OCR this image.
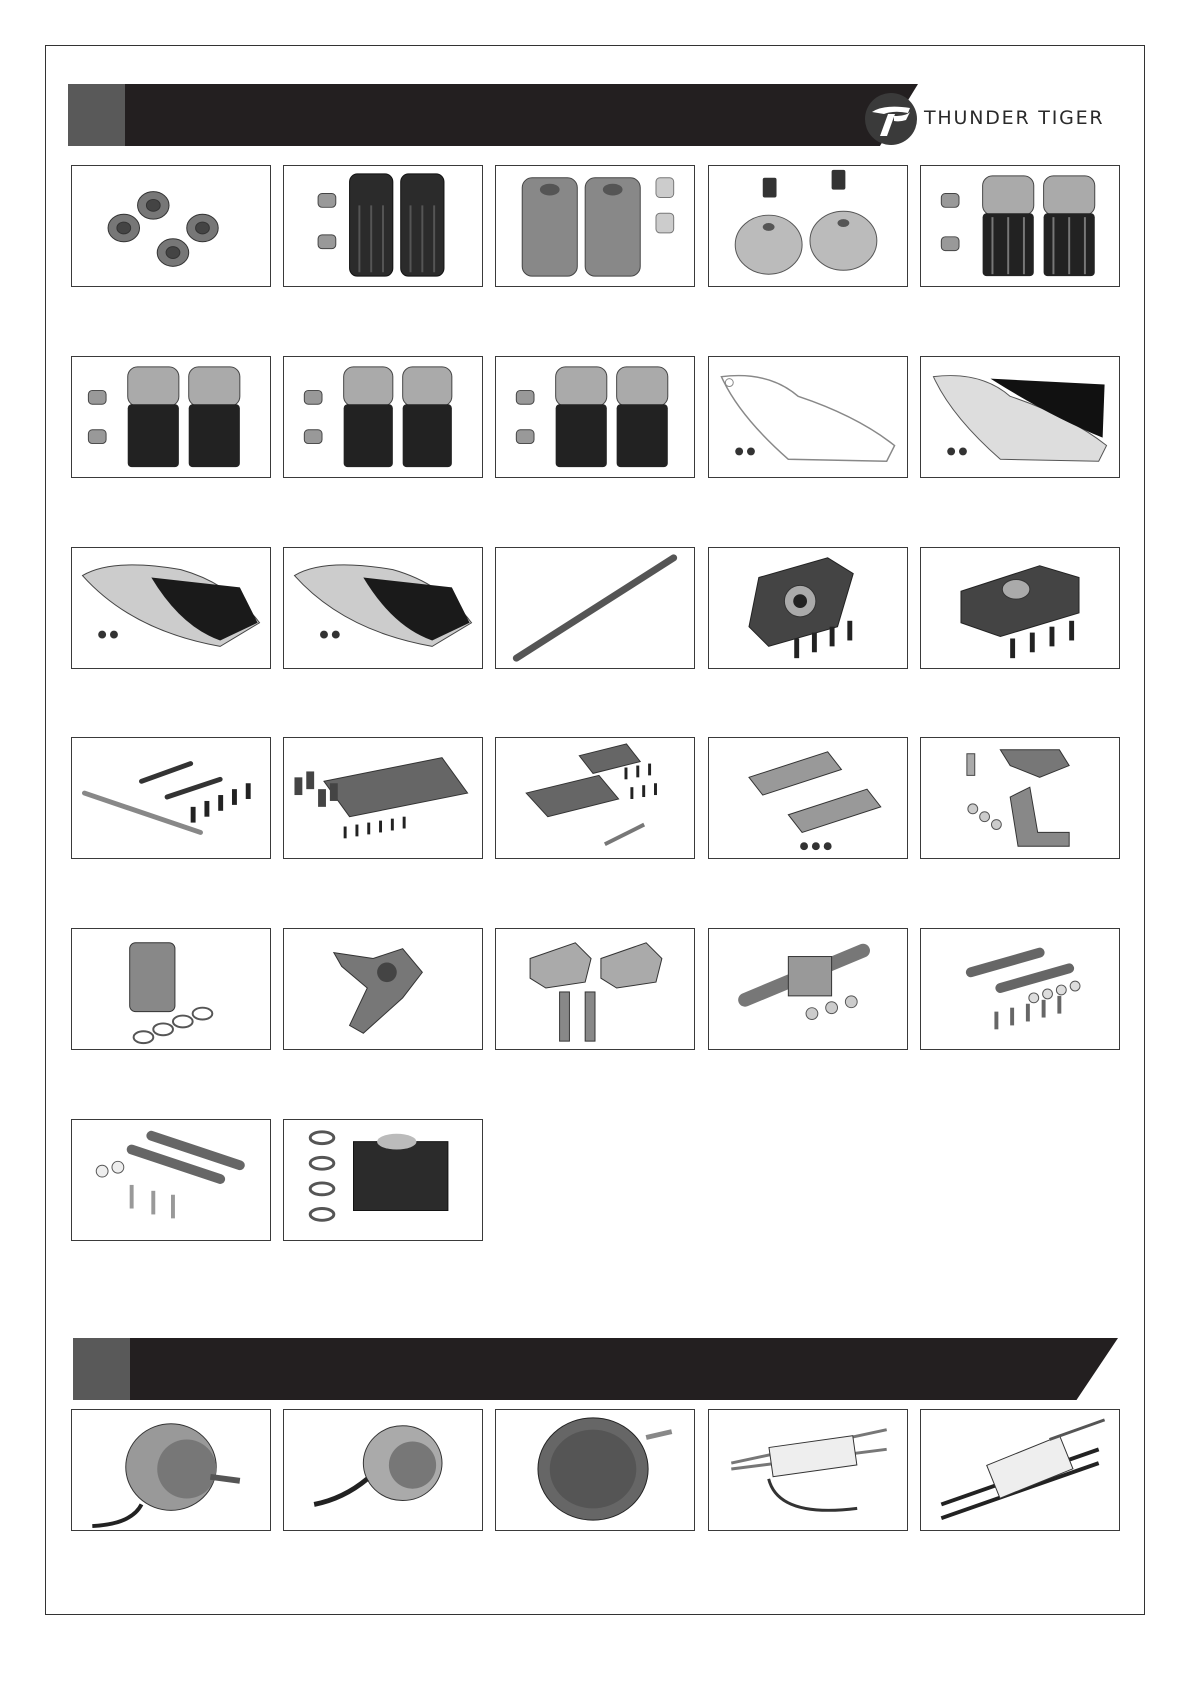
THUNDER TIGER
